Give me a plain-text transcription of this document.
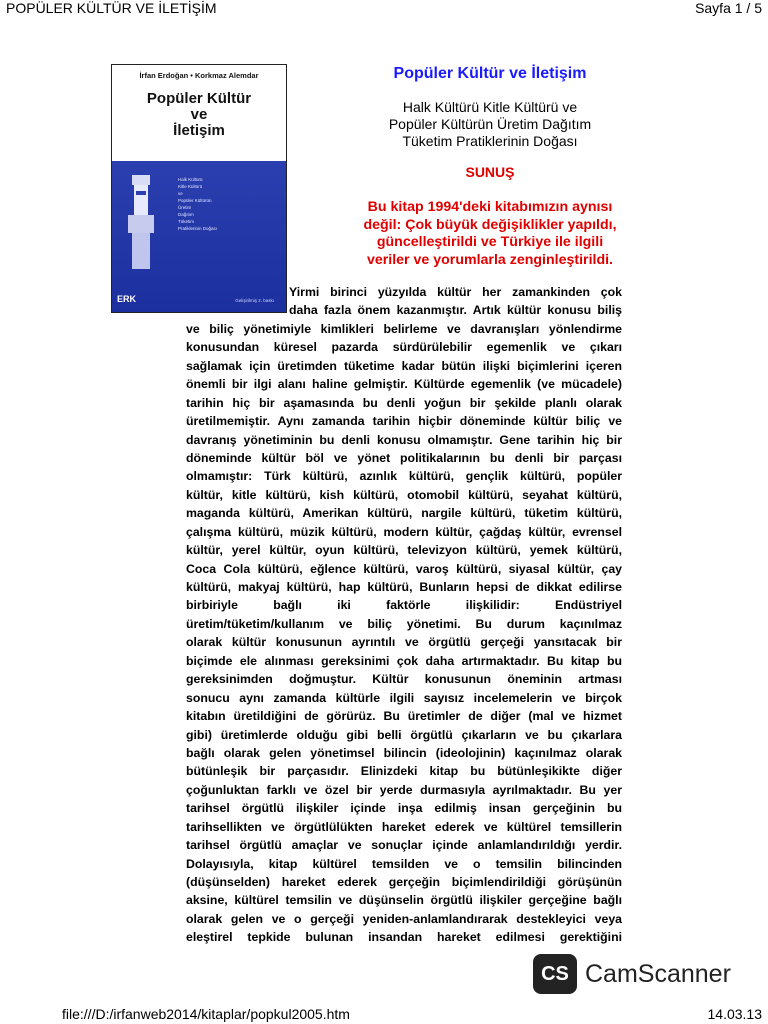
POPÜLER KÜLTÜR VE İLETİŞİM	Sayfa 1 / 5
İrfan Erdoğan • Korkmaz Alemdar
Popüler Kültür
ve
İletişim
Halk Kültürü
Kitle Kültürü
ve
Popüler Kültürün
Üretim
Dağıtım
Tüketim
Pratiklerinin Doğası
ERK	Gelişirilmiş 2. baskı
Popüler Kültür ve İletişim
Halk Kültürü Kitle Kültürü ve
Popüler Kültürün Üretim Dağıtım
Tüketim Pratiklerinin Doğası
SUNUŞ
Bu kitap 1994'deki kitabımızın aynısı
değil: Çok büyük değişiklikler yapıldı,
güncelleştirildi ve Türkiye ile ilgili
veriler ve yorumlarla zenginleştirildi.
Yirmi birinci yüzyılda kültür her zamankinden çok
daha fazla önem kazanmıştır. Artık kültür konusu biliş
ve biliç yönetimiyle kimlikleri belirleme ve davranışları yönlendirme
konusundan küresel pazarda sürdürülebilir egemenlik ve çıkarı
sağlamak için üretimden tüketime kadar bütün ilişki biçimlerini içeren
önemli bir ilgi alanı haline gelmiştir. Kültürde egemenlik (ve mücadele)
tarihin hiç bir aşamasında bu denli yoğun bir şekilde planlı olarak
üretilmemiştir. Aynı zamanda tarihin hiçbir döneminde kültür biliç ve
davranış yönetiminin bu denli konusu olmamıştır. Gene tarihin hiç bir
döneminde kültür böl ve yönet politikalarının bu denli bir parçası
olmamıştır: Türk kültürü, azınlık kültürü, gençlik kültürü, popüler
kültür, kitle kültürü, kish kültürü, otomobil kültürü, seyahat kültürü,
maganda kültürü, Amerikan kültürü, nargile kültürü, tüketim kültürü,
çalışma kültürü, müzik kültürü, modern kültür, çağdaş kültür, evrensel
kültür, yerel kültür, oyun kültürü, televizyon kültürü, yemek kültürü,
Coca Cola kültürü, eğlence kültürü, varoş kültürü, siyasal kültür, çay
kültürü, makyaj kültürü, hap kültürü, Bunların hepsi de dikkat edilirse
birbiriyle bağlı iki faktörle ilişkilidir: Endüstriyel
üretim/tüketim/kullanım ve biliç yönetimi. Bu durum kaçınılmaz
olarak kültür konusunun ayrıntılı ve örgütlü gerçeği yansıtacak bir
biçimde ele alınması gereksinimi çok daha artırmaktadır. Bu kitap bu
gereksinimden doğmuştur. Kültür konusunun öneminin artması
sonucu aynı zamanda kültürle ilgili sayısız incelemelerin ve birçok
kitabın üretildiğini de görürüz. Bu üretimler de diğer (mal ve hizmet
gibi) üretimlerde olduğu gibi belli örgütlü çıkarların ve bu çıkarlara
bağlı olarak gelen yönetimsel bilincin (ideolojinin) kaçınılmaz olarak
bütünleşik bir parçasıdır. Elinizdeki kitap bu bütünleşikikte diğer
çoğunluktan farklı ve özel bir yerde durmasıyla ayrılmaktadır. Bu yer
tarihsel örgütlü ilişkiler içinde inşa edilmiş insan gerçeğinin bu
tarihsellikten ve örgütlülükten hareket ederek ve kültürel temsillerin
tarihsel örgütlü amaçlar ve sonuçlar içinde anlamlandırıldığı yerdir.
Dolayısıyla, kitap kültürel temsilden ve o temsilin bilincinden
(düşünselden) hareket ederek gerçeğin biçimlendirildiği görüşünün
aksine, kültürel temsilin ve düşünselin örgütlü ilişkiler gerçeğine bağlı
olarak gelen ve o gerçeği yeniden-anlamlandırarak destekleyici veya
eleştirel tepkide bulunan insandan hareket edilmesi gerektiğini
CS CamScanner
file:///D:/irfanweb2014/kitaplar/popkul2005.htm	14.03.13
